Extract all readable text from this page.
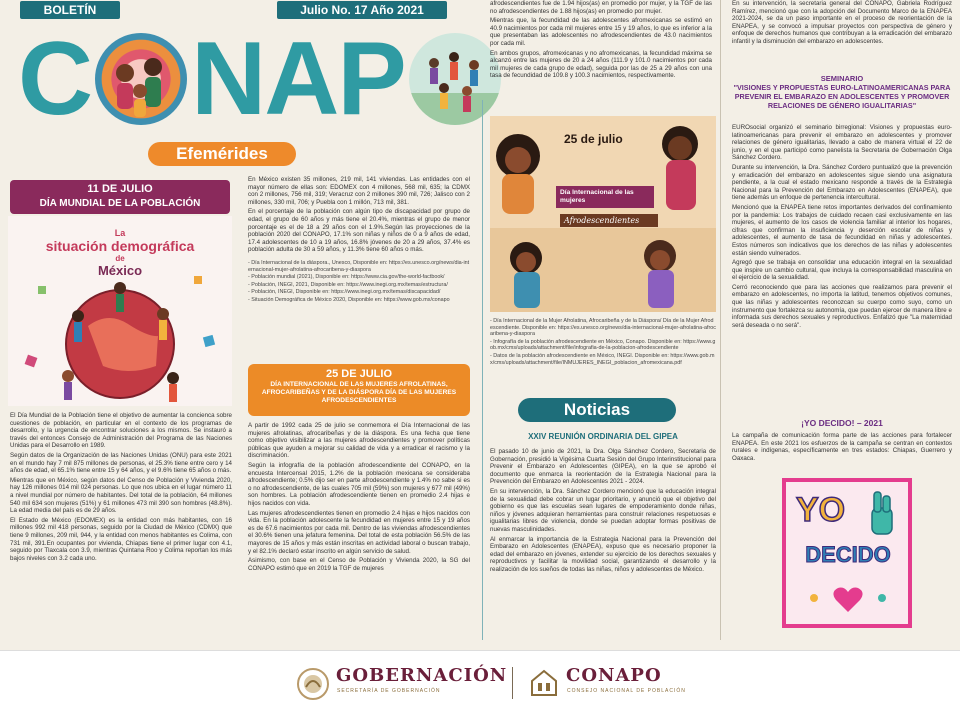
BOLETÍN	Julio No. 17 Año 2021
C N A P
Efemérides
11 DE JULIO
DÍA MUNDIAL DE LA POBLACIÓN
La
situación demográfica
de
México

El Día Mundial de la Población tiene el objetivo de aumentar la concienca sobre cuestiones de población, en particular en el contexto de los programas de desarrollo, y la urgencia de encontrar soluciones a los mismos. Se instauró a través del entonces Consejo de Administración del Programa de las Naciones Unidas para el Desarrollo en 1989.

Según datos de la Organización de las Naciones Unidas (ONU) para este 2021 en el mundo hay 7 mil 875 millones de personas, el 25.3% tiene entre cero y 14 años de edad, el 65.1% tiene entre 15 y 64 años, y el 9.6% tiene 65 años o más.

Mientras que en México, según datos del Censo de Población y Vivienda 2020, hay 126 millones 014 mil 024 personas. Lo que nos ubica en el lugar número 11 a nivel mundial por número de habitantes. Del total de la población, 64 millones 540 mil 634 son mujeres (51%) y 61 millones 473 mil 390 son hombres (48.8%). La edad media del país es de 29 años.

El Estado de México (EDOMEX) es la entidad con más habitantes, con 16 millones 992 mil 418 personas, seguido por la Ciudad de México (CDMX) que tiene 9 millones, 209 mil, 944, y la entidad con menos habitantes es Colima, con 731 mil, 391.En ocupantes por vivienda, Chiapas tiene el primer lugar con 4.1, seguido por Tlaxcala con 3.9, mientras Quintana Roo y Colima reportan los más bajos niveles con 3.2 cada uno.

En México existen 35 millones, 219 mil, 141 viviendas. Las entidades con el mayor número de ellas son: EDOMEX con 4 millones, 568 mil, 635; la CDMX con 2 millones, 756 mil, 319; Veracruz con 2 millones 390 mil, 726; Jalisco con 2 millones, 330 mil, 706; y Puebla con 1 millón, 713 mil, 381.

En el porcentaje de la población con algún tipo de discapacidad por grupo de edad, el grupo de 60 años y más tiene el 20.4%, mientras el grupo de menor porcentaje es el de 18 a 29 años con el 1.9%.Según las proyecciones de la población 2020 del CONAPO, 17.1% son niñas y niños de 0 a 9 años de edad, 17.4 adolescentes de 10 a 19 años, 16.8% jóvenes de 20 a 29 años, 37.4% es población adulta de 30 a 59 años, y 11.3% tiene 60 años o más.

- Día Internacional de la diáspora., Unesco, Disponible en: https://es.unesco.org/news/dia-internacional-mujer-afrolatina-afrocaribena-y-diaspora

- Población mundial (2021), Disponible en: https://www.cia.gov/the-world-factbook/

- Población, INEGI, 2021, Disponible en: https://www.inegi.org.mx/temas/estructura/

- Población, INEGI, Disponible en: https://www.inegi.org.mx/temas/discapacidad/

- Situación Demográfica de México 2020, Disponible en: https://www.gob.mx/conapo

25 DE JULIO
DÍA INTERNACIONAL DE LAS MUJERES AFROLATINAS, AFROCARIBEÑAS Y DE LA DIÁSPORA DÍA DE LAS MUJERES AFRODESCENDIENTES

A partir de 1992 cada 25 de julio se conmemora el Día Internacional de las mujeres afrolatinas, afrocaribeñas y de la diáspora. Es una fecha que tiene como objetivo visibilizar a las mujeres afrodescendientes y promover políticas públicas que ayuden a mejorar su calidad de vida y a erradicar el racismo y la discriminación.

Según la infografía de la población afrodescendiente del CONAPO, en la encuesta Intercensal 2015, 1.2% de la población mexicana se consideraba afrodescendiente; 0.5% dijo ser en parte afrodescendiente y 1.4% no sabe si es o no afrodescendiente, de las cuales 705 mil (59%) son mujeres y 677 mil (49%) son hombres. La población afrodescendiente tienen en promedio 2.4 hijas e hijos nacidos con vida.

Las mujeres afrodescendientes tienen en promedio 2.4 hijas e hijos nacidos con vida. En la población adolescente la fecundidad en mujeres entre 15 y 19 años es de 67.6 nacimientos por cada mil. Dentro de las viviendas afrodescendientes el 30.6% tienen una jefatura femenina. Del total de esta población 56.5% de las mayores de 15 años y más están inscritas en actividad laboral o buscan trabajo, y el 82.1% declaró estar inscrito en algún servicio de salud.

Asimismo, con base en el Censo de Población y Vivienda 2020, la SG del CONAPO estimó que en 2019 la TGF de mujeres

afrodescendientes fue de 1.94 hijos(as) en promedio por mujer, y la TGF de las no afrodescendientes de 1.88 hijos(as) en promedio por mujer.

Mientras que, la fecundidad de las adolescentes afromexicanas se estimó en 40.9 nacimientos por cada mil mujeres entre 15 y 19 años, lo que es inferior a la que presentaban las adolescentes no afrodescendientes de 43.0 nacimientos por cada mil.

En ambos grupos, afromexicanas y no afromexicanas, la fecundidad máxima se alcanzó entre las mujeres de 20 a 24 años (111.9 y 101.0 nacimientos por cada mil mujeres de cada grupo de edad), seguida por las de 25 a 29 años con una tasa de fecundidad de 109.8 y 100.3 nacimientos, respectivamente.

25 de julio
Día Internacional de las mujeres
Afrodescendientes

- Día Internacional de la Mujer Afrolatina, Afrocaribeña y de la Diáspora/ Día de la Mujer Afrodescendiente. Disponible en: https://es.unesco.org/news/dia-internacional-mujer-afrolatina-afrocaribena-y-diaspora

- Infografía de la población afrodescendiente en México, Conapo. Disponible en: https://www.gob.mx/cms/uploads/attachment/file/infografia-de-la-poblacion-afrodescendiente

- Datos de la población afrodescendiente en México, INEGI. Disponible en: https://www.gob.mx/cms/uploads/attachment/file/INMUJERES_INEGI_poblacion_afromexicana.pdf

Noticias
XXIV REUNIÓN ORDINARIA DEL GIPEA

El pasado 10 de junio de 2021, la Dra. Olga Sánchez Cordero, Secretaria de Gobernación, presidió la Vigésima Cuarta Sesión del Grupo Interinstitucional para Prevenir el Embarazo en Adolescentes (GIPEA), en la que se aprobó el documento que enmarca la reorientación de la Estrategia Nacional para la Prevención del Embarazo en Adolescentes 2021 - 2024.

En su intervención, la Dra. Sánchez Cordero mencionó que la educación integral de la sexualidad debe cobrar un lugar prioritario, y anunció que el objetivo del gobierno es que las escuelas sean lugares de empoderamiento donde niñas, niños y jóvenes adquieran herramientas para construir relaciones respetuosas e igualitarias libres de violencia, donde se puedan adoptar formas positivas de nuevas masculinidades.

Al enmarcar la importancia de la Estrategia Nacional para la Prevención del Embarazo en Adolescentes (ENAPEA), expuso que es necesario proponer la edad del embarazo en jóvenes, extender su ejercicio de los derechos sexuales y reproductivos y facilitar la movilidad social, garantizando el desarrollo y la realización de los sueños de todas las niñas, niños y adolescentes de México.

En su intervención, la secretaria general del CONAPO, Gabriela Rodríguez Ramírez, mencionó que con la adopción del Documento Marco de la ENAPEA 2021-2024, se da un paso importante en el proceso de reorientación de la ENAPEA, y se convocó a impulsar proyectos con perspectiva de género y enfoque de derechos humanos que contribuyan a la erradicación del embarazo infantil y la disminución del embarazo en adolescentes.

SEMINARIO
"VISIONES Y PROPUESTAS EURO-LATINOAMERICANAS PARA PREVENIR EL EMBARAZO EN ADOLESCENTES Y PROMOVER RELACIONES DE GÉNERO IGUALITARIAS"

EUROsocial organizó el seminario birregional: Visiones y propuestas euro-latinoamericanas para prevenir el embarazo en adolescentes y promover relaciones de género igualitarias, llevado a cabo de manera virtual el 22 de junio, y en el que participó como panelista la Secretaria de Gobernación Olga Sánchez Cordero.

Durante su intervención, la Dra. Sánchez Cordero puntualizó que la prevención y erradicación del embarazo en adolescentes sigue siendo una asignatura pendiente, a la cual el estado mexicano responde a través de la Estrategia Nacional para la Prevención del Embarazo en Adolescentes (ENAPEA), que tiene además un enfoque de pertenencia intercultural.

Mencionó que la ENAPEA tiene retos importantes derivados del confinamiento por la pandemia: Los trabajos de cuidado recaen casi exclusivamente en las mujeres, el aumento de los casos de violencia familiar al interior los hogares, cifras que confirman la insuficiencia y deserción escolar de niñas y adolescentes, el aumento de tasa de fecundidad en niñas y adolescentes. Estos números son indicativos que los derechos de las niñas y adolescentes están siendo vulnerados.

Agregó que se trabaja en consolidar una educación integral en la sexualidad que inspire un cambio cultural, que incluya la corresponsabilidad masculina en el ejercicio de la sexualidad.

Cerró reconociendo que para las acciones que realizamos para prevenir el embarazo en adolescentes, no importa la latitud, tenemos objetivos comunes, que las niñas y adolescentes reconozcan su cuerpo como suyo, como un instrumento que fortalezca su autonomía, que puedan ejercer de manera libre e informada sus derechos sexuales y reproductivos. Enfatizó que "La maternidad será deseada o no será".

¡YO DECIDO! – 2021

La campaña de comunicación forma parte de las acciones para fortalecer ENAPEA. En este 2021 los esfuerzos de la campaña se centran en contextos rurales e indígenas, específicamente en tres estados: Chiapas, Guerrero y Oaxaca.

YO
DECIDO
GOBERNACIÓN
SECRETARÍA DE GOBERNACIÓN
CONAPO
CONSEJO NACIONAL DE POBLACIÓN
